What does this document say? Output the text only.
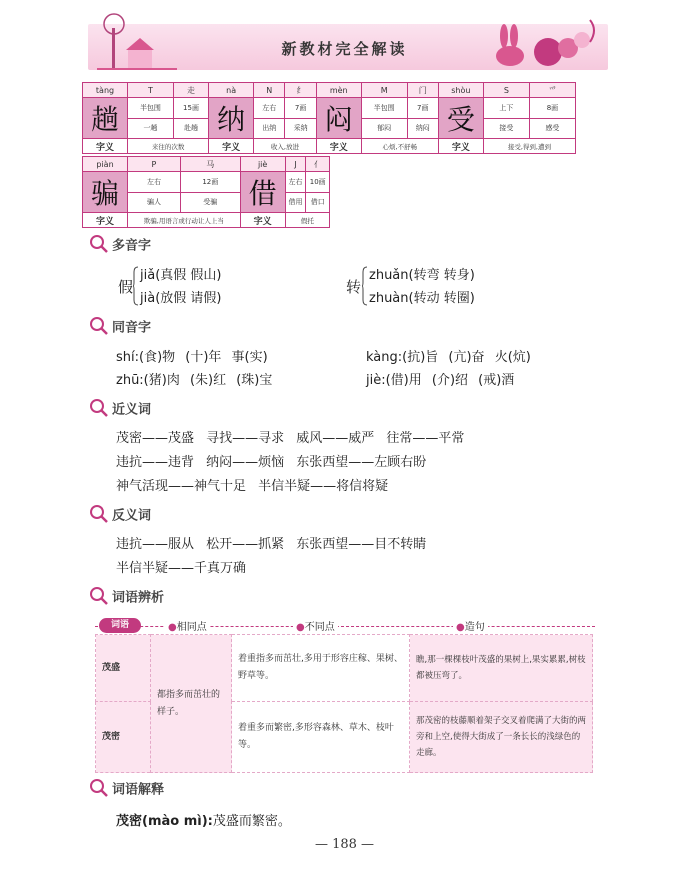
新教材完全解读
tàng	T	走	nà	N	纟	mèn	M	门	shòu	S	爫
趟	半包围	15画	纳	左右	7画	闷	半包围	7画	受	上下	8画
	一趟	赴趟		出纳	采纳		郁闷	纳闷		接受	感受
字义	来往的次数		字义	收入,放进		字义	心烦,不舒畅		字义	接受,得到,遭到	
piàn	P	马	jiè	J	亻
骗	左右	12画	借	左右	10画
	骗人	受骗		借用	借口
字义	欺骗,用语言或行动让人上当		字义	假托	
多音字
假
jiǎ(真假 假山)
jià(放假 请假)
转
zhuǎn(转弯 转身)
zhuàn(转动 转圈)
同音字
shí:(食)物 (十)年 事(实)	kàng:(抗)旨 (亢)奋 火(炕)
zhū:(猪)肉 (朱)红 (珠)宝	jiè:(借)用 (介)绍 (戒)酒
近义词
茂密——茂盛 寻找——寻求 威风——威严 往常——平常
违抗——违背 纳闷——烦恼 东张西望——左顾右盼
神气活现——神气十足 半信半疑——将信将疑
反义词
违抗——服从 松开——抓紧 东张西望——目不转睛
半信半疑——千真万确
词语辨析
词语	●相同点	●不同点	●造句
茂盛	都指多而茁壮的样子。	着重指多而茁壮,多用于形容庄稼、果树、野草等。	瞧,那一棵棵枝叶茂盛的果树上,果实累累,树枝都被压弯了。
茂密		着重多而繁密,多形容森林、草木、枝叶等。	那茂密的枝藤顺着架子交叉着爬满了大街的两旁和上空,使得大街成了一条长长的浅绿色的走廊。
词语解释
茂密(mào mì):茂盛而繁密。
— 188 —
